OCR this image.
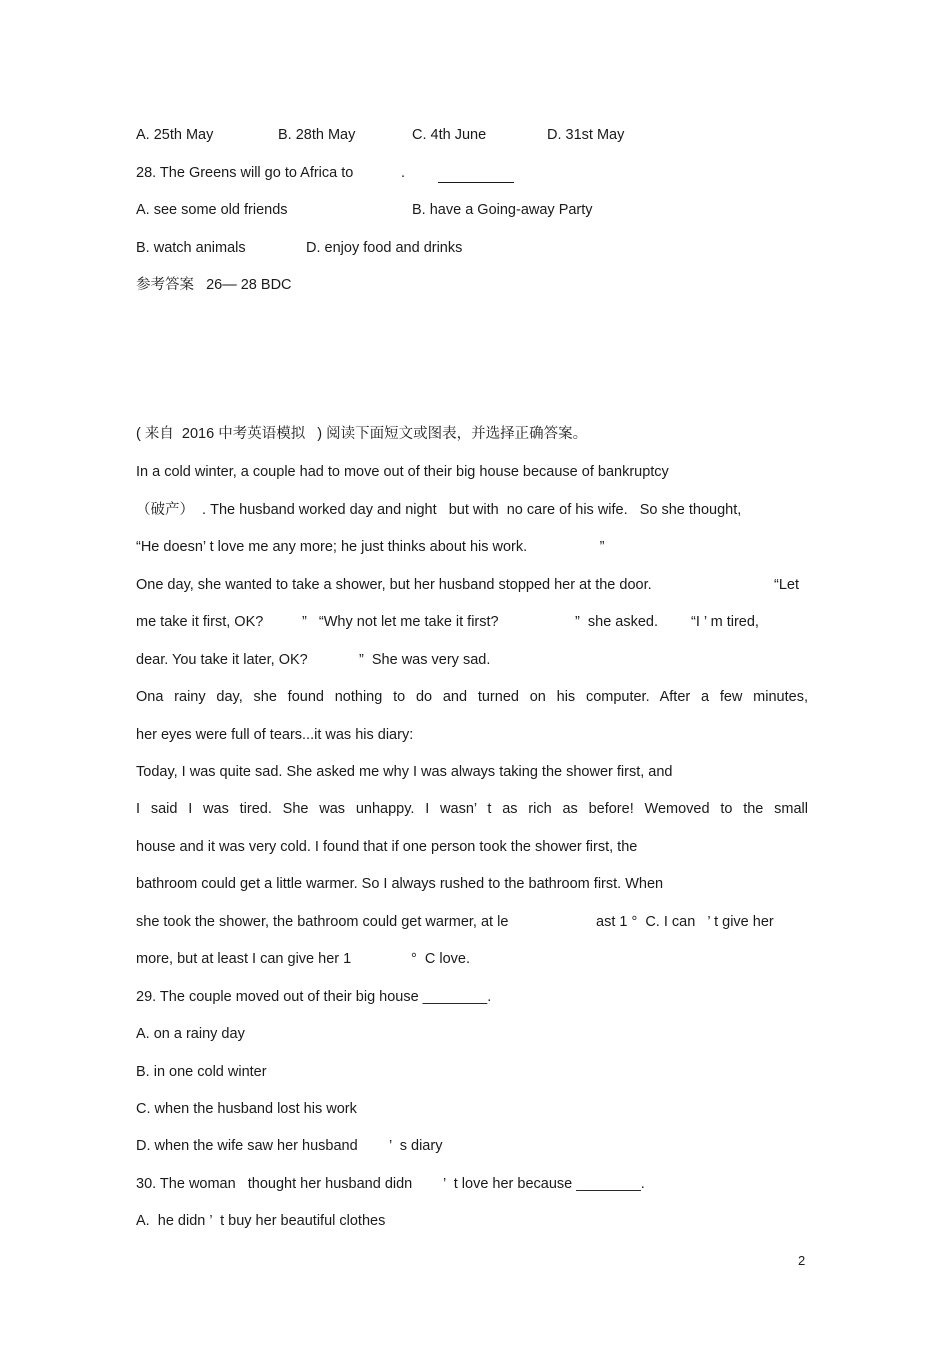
A. 25th May	B. 28th May	C. 4th June	D. 31st May
28. The Greens will go to Africa to	.
A. see some old friends	B. have a Going-away Party
B. watch animals	D. enjoy food and drinks
参考答案   26— 28 BDC
( 来自  2016 中考英语模拟   ) 阅读下面短文或图表，并选择正确答案。
In a cold winter, a couple had to move out of their big house because of bankruptcy
（破产）  . The husband worked day and night   but with  no care of his wife.   So she thought,
“He doesn’ t love me any more; he just thinks about his work.                  ”
One day, she wanted to take a shower, but her husband stopped her at the door.	“Let
me take it first, OK?	”   “Why not let me take it first?	”  she asked. “I ’ m tired,
dear. You take it later, OK?	”  She was very sad.
Ona rainy day, she found nothing to do and turned on his computer. After a few minutes,
her eyes were full of tears...it was his diary:
Today, I was quite sad. She asked me why I was always taking the shower first, and
I said I was tired. She was unhappy. I wasn’ t as rich as before! Wemoved to the small
house and it was very cold. I found that if one person took the shower first, the
bathroom could get a little warmer. So I always rushed to the bathroom first. When
she took the shower, the bathroom could get warmer, at le	ast 1 °  C. I can   ’ t give her
more, but at least I can give her 1	°  C love.
29. The couple moved out of their big house ________.
A. on a rainy day
B. in one cold winter
C. when the husband lost his work
D. when the wife saw her husband ’  s diary
30. The woman   thought her husband didn ’  t love her because ________.
A.  he didn ’  t buy her beautiful clothes
2
